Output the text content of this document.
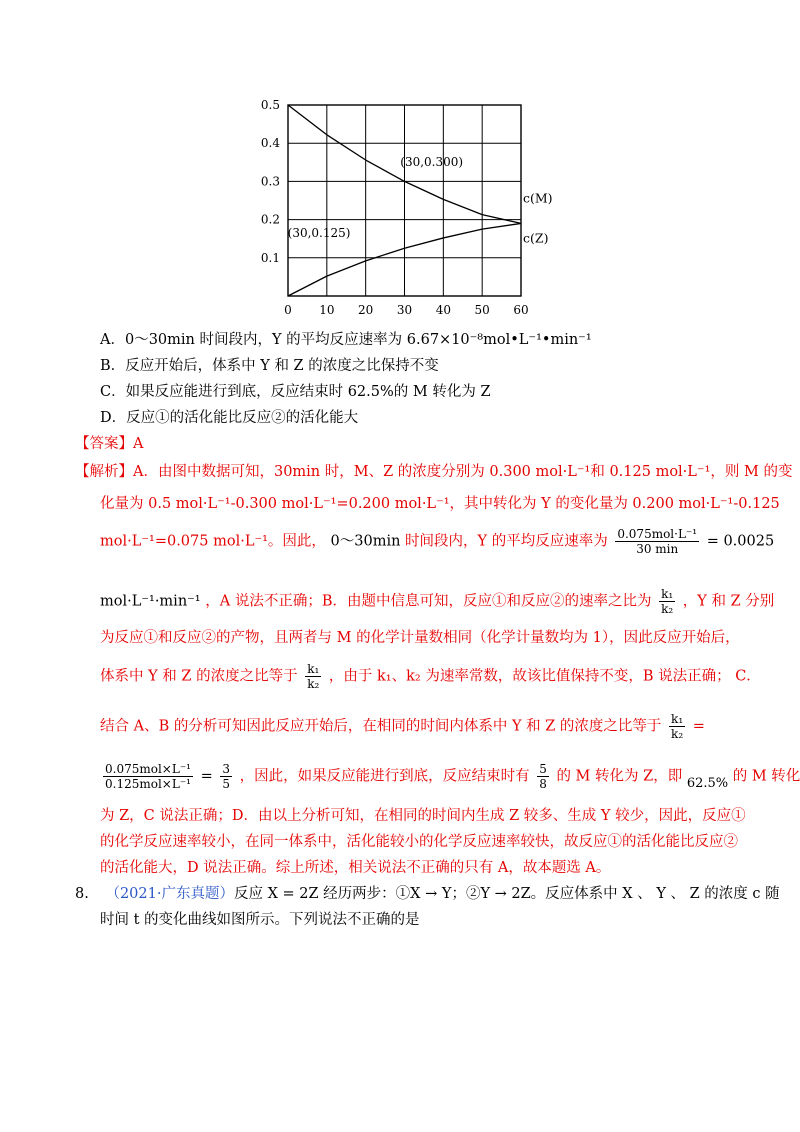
0 10 20 30 40 50 60
0.1
0.2
0.3
0.4
0.5
(30,0.300)
(30,0.125)
c(M)
c(Z)
A．0～30min 时间段内，Y 的平均反应速率为 6.67×10⁻⁸mol•L⁻¹•min⁻¹
B．反应开始后，体系中 Y 和 Z 的浓度之比保持不变
C．如果反应能进行到底，反应结束时 62.5%的 M 转化为 Z
D．反应①的活化能比反应②的活化能大
【答案】A
【解析】A．由图中数据可知，30min 时，M、Z 的浓度分别为 0.300 mol·L⁻¹和 0.125 mol·L⁻¹，则 M 的变
化量为 0.5 mol·L⁻¹-0.300 mol·L⁻¹=0.200 mol·L⁻¹，其中转化为 Y 的变化量为 0.200 mol·L⁻¹-0.125
mol·L⁻¹=0.075 mol·L⁻¹。因此， 0～30min 时间段内，Y 的平均反应速率为 $\frac{\text{0.075mol·L⁻¹}}{30 \min} = 0.0025$
mol·L⁻¹·min⁻¹ ，A 说法不正确；B．由题中信息可知，反应①和反应②的速率之比为 $\frac{\text{k₁}}{\text{k₂}}$ ，Y 和 Z 分别
为反应①和反应②的产物，且两者与 M 的化学计量数相同（化学计量数均为 1），因此反应开始后，
体系中 Y 和 Z 的浓度之比等于 $\frac{\text{k₁}}{\text{k₂}}$ ，由于 k₁、k₂ 为速率常数，故该比值保持不变，B 说法正确； C．
结合 A、B 的分析可知因此反应开始后，在相同的时间内体系中 Y 和 Z 的浓度之比等于 $\frac{\text{k₁}}{\text{k₂}}$ =
$\frac{\text{0.075mol×L⁻¹}}{\text{0.125mol×L⁻¹}} = \frac{3}{5}$ ，因此，如果反应能进行到底，反应结束时有 $\frac{5}{8}$ 的 M 转化为 Z，即 62.5% 的 M 转化
为 Z，C 说法正确；D．由以上分析可知，在相同的时间内生成 Z 较多、生成 Y 较少，因此，反应①
的化学反应速率较小，在同一体系中，活化能较小的化学反应速率较快，故反应①的活化能比反应②
的活化能大，D 说法正确。综上所述，相关说法不正确的只有 A，故本题选 A。
8. （2021·广东真题）反应 X = 2Z 经历两步：①X → Y；②Y → 2Z。反应体系中 X 、 Y 、 Z 的浓度 c 随
时间 t 的变化曲线如图所示。下列说法不正确的是
